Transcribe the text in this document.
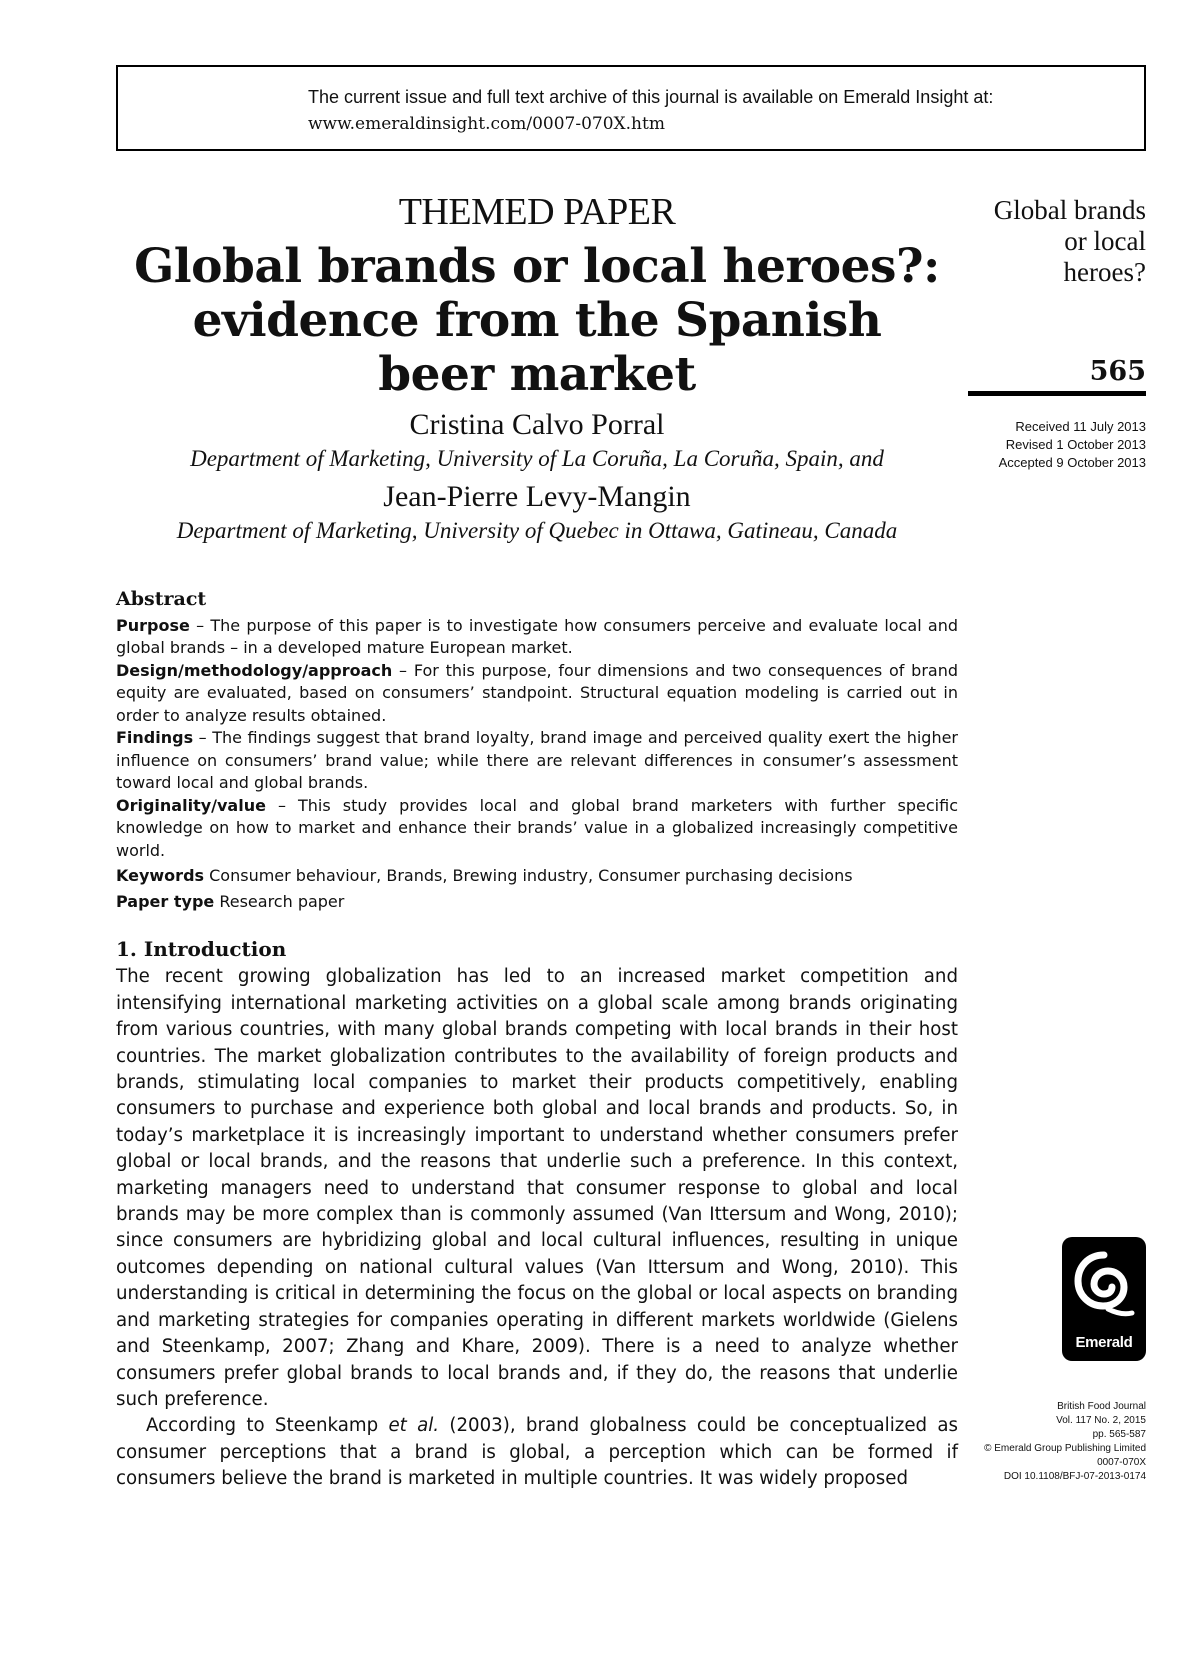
The current issue and full text archive of this journal is available on Emerald Insight at:
www.emeraldinsight.com/0007-070X.htm

THEMED PAPER

Global brands or local heroes?:
evidence from the Spanish
beer market

Cristina Calvo Porral

Department of Marketing, University of La Coruña, La Coruña, Spain, and

Jean-Pierre Levy-Mangin

Department of Marketing, University of Quebec in Ottawa, Gatineau, Canada

Global brands
or local
heroes?
565
Received 11 July 2013
Revised 1 October 2013
Accepted 9 October 2013
Abstract

Purpose – The purpose of this paper is to investigate how consumers perceive and evaluate local and global brands – in a developed mature European market.

Design/methodology/approach – For this purpose, four dimensions and two consequences of brand equity are evaluated, based on consumers’ standpoint. Structural equation modeling is carried out in order to analyze results obtained.

Findings – The findings suggest that brand loyalty, brand image and perceived quality exert the higher influence on consumers’ brand value; while there are relevant differences in consumer’s assessment toward local and global brands.

Originality/value – This study provides local and global brand marketers with further specific knowledge on how to market and enhance their brands’ value in a globalized increasingly competitive world.

Keywords Consumer behaviour, Brands, Brewing industry, Consumer purchasing decisions

Paper type Research paper

1. Introduction

The recent growing globalization has led to an increased market competition and intensifying international marketing activities on a global scale among brands originating from various countries, with many global brands competing with local brands in their host countries. The market globalization contributes to the availability of foreign products and brands, stimulating local companies to market their products competitively, enabling consumers to purchase and experience both global and local brands and products. So, in today’s marketplace it is increasingly important to understand whether consumers prefer global or local brands, and the reasons that underlie such a preference. In this context, marketing managers need to understand that consumer response to global and local brands may be more complex than is commonly assumed (Van Ittersum and Wong, 2010); since consumers are hybridizing global and local cultural influences, resulting in unique outcomes depending on national cultural values (Van Ittersum and Wong, 2010). This understanding is critical in determining the focus on the global or local aspects on branding and marketing strategies for companies operating in different markets worldwide (Gielens and Steenkamp, 2007; Zhang and Khare, 2009). There is a need to analyze whether consumers prefer global brands to local brands and, if they do, the reasons that underlie such preference.

According to Steenkamp et al. (2003), brand globalness could be conceptualized as consumer perceptions that a brand is global, a perception which can be formed if consumers believe the brand is marketed in multiple countries. It was widely proposed

Emerald
British Food Journal
Vol. 117 No. 2, 2015
pp. 565-587
© Emerald Group Publishing Limited
0007-070X
DOI 10.1108/BFJ-07-2013-0174
